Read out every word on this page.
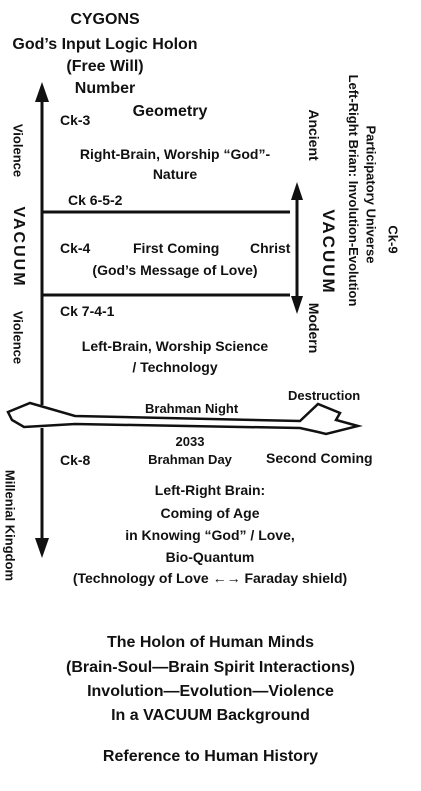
CYGONS
God’s Input Logic Holon
(Free Will)
Number
Geometry
Violence
VACUUM
Violence
Millenial Kingdom
Ancient
Modern
VACUUM	Ck-9
Participatory Universe
Left-Right Brian: Involution-Evolution
Ck-3
Right-Brain, Worship “God”-
Nature
Ck 6-5-2
Ck-4	First Coming Christ
(God’s Message of Love)
Ck 7-4-1
Left-Brain, Worship Science
/ Technology
Brahman Night
Destruction
Ck-8
2033
Brahman Day	Second Coming
Left-Right Brain:
Coming of Age
in Knowing “God” / Love,
Bio-Quantum
(Technology of Love ←→ Faraday shield)
The Holon of Human Minds
(Brain-Soul—Brain Spirit Interactions)
Involution—Evolution—Violence
In a VACUUM Background
Reference to Human History
